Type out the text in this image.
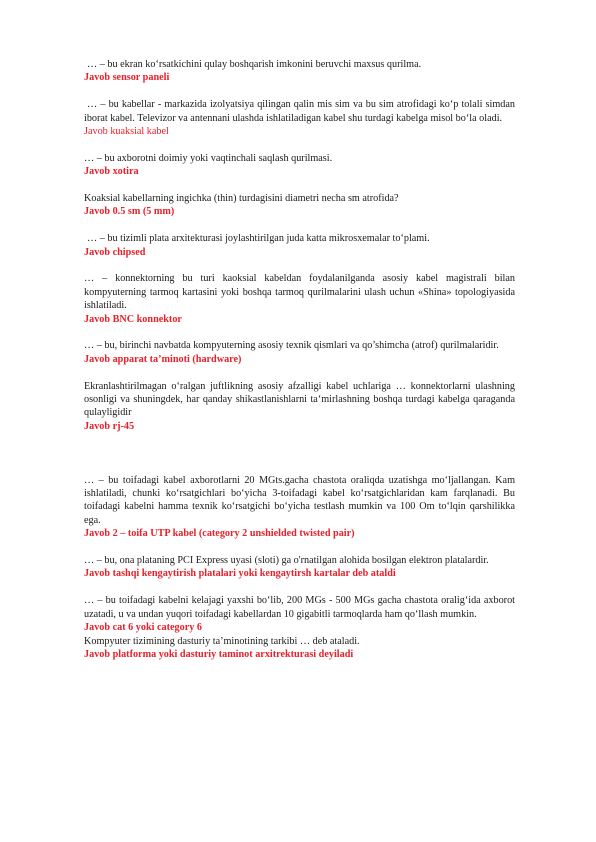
… – bu ekran ko‘rsatkichini qulay boshqarish imkonini beruvchi maxsus qurilma.

Javob sensor paneli

… – bu kabellar - markazida izolyatsiya qilingan qalin mis sim va bu sim atrofidagi ko‘p tolali simdan iborat kabel. Televizor va antennani ulashda ishlatiladigan kabel shu turdagi kabelga misol bo‘la oladi.

Javob kuaksial kabel

… – bu axborotni doimiy yoki vaqtinchali saqlash qurilmasi.

Javob xotira

Koaksial kabellarning ingichka (thin) turdagisini diametri necha sm atrofida?

Javob 0.5 sm (5 mm)

… – bu tizimli plata arxitekturasi joylashtirilgan juda katta mikrosxemalar to‘plami.

Javob chipsed

… – konnektorning bu turi kaoksial kabeldan foydalanilganda asosiy kabel magistrali bilan kompyuterning tarmoq kartasini yoki boshqa tarmoq qurilmalarini ulash uchun «Shina» topologiyasida ishlatiladi.

Javob BNC konnektor

… – bu, birinchi navbatda kompyuterning asosiy texnik qismlari va qo’shimcha (atrof) qurilmalaridir.

Javob apparat ta’minoti (hardware)

Ekranlashtirilmagan o‘ralgan juftlikning asosiy afzalligi kabel uchlariga … konnektorlarni ulashning osonligi va shuningdek, har qanday shikastlanishlarni ta‘mirlashning boshqa turdagi kabelga qaraganda qulayligidir

Javob rj-45

… – bu toifadagi kabel axborotlarni 20 MGts.gacha chastota oraliqda uzatishga mo‘ljallangan. Kam ishlatiladi, chunki ko‘rsatgichlari bo‘yicha 3-toifadagi kabel ko‘rsatgichlaridan kam farqlanadi. Bu toifadagi kabelni hamma texnik ko‘rsatgichi bo‘yicha testlash mumkin va 100 Om to‘lqin qarshilikka ega.

Javob 2 – toifa UTP kabel (category 2 unshielded twisted pair)

… – bu, ona plataning PCI Express uyasi (sloti) ga o'rnatilgan alohida bosilgan elektron platalardir.

Javob tashqi kengaytirish platalari yoki kengaytirsh kartalar deb ataldi

… – bu toifadagi kabelni kelajagi yaxshi bo‘lib, 200 MGs - 500 MGs gacha chastota oralig‘ida axborot uzatadi, u va undan yuqori toifadagi kabellardan 10 gigabitli tarmoqlarda ham qo‘llash mumkin.

Javob cat 6 yoki category 6

Kompyuter tizimining dasturiy ta’minotining tarkibi … deb ataladi.

Javob platforma yoki dasturiy taminot arxitrekturasi deyiladi
